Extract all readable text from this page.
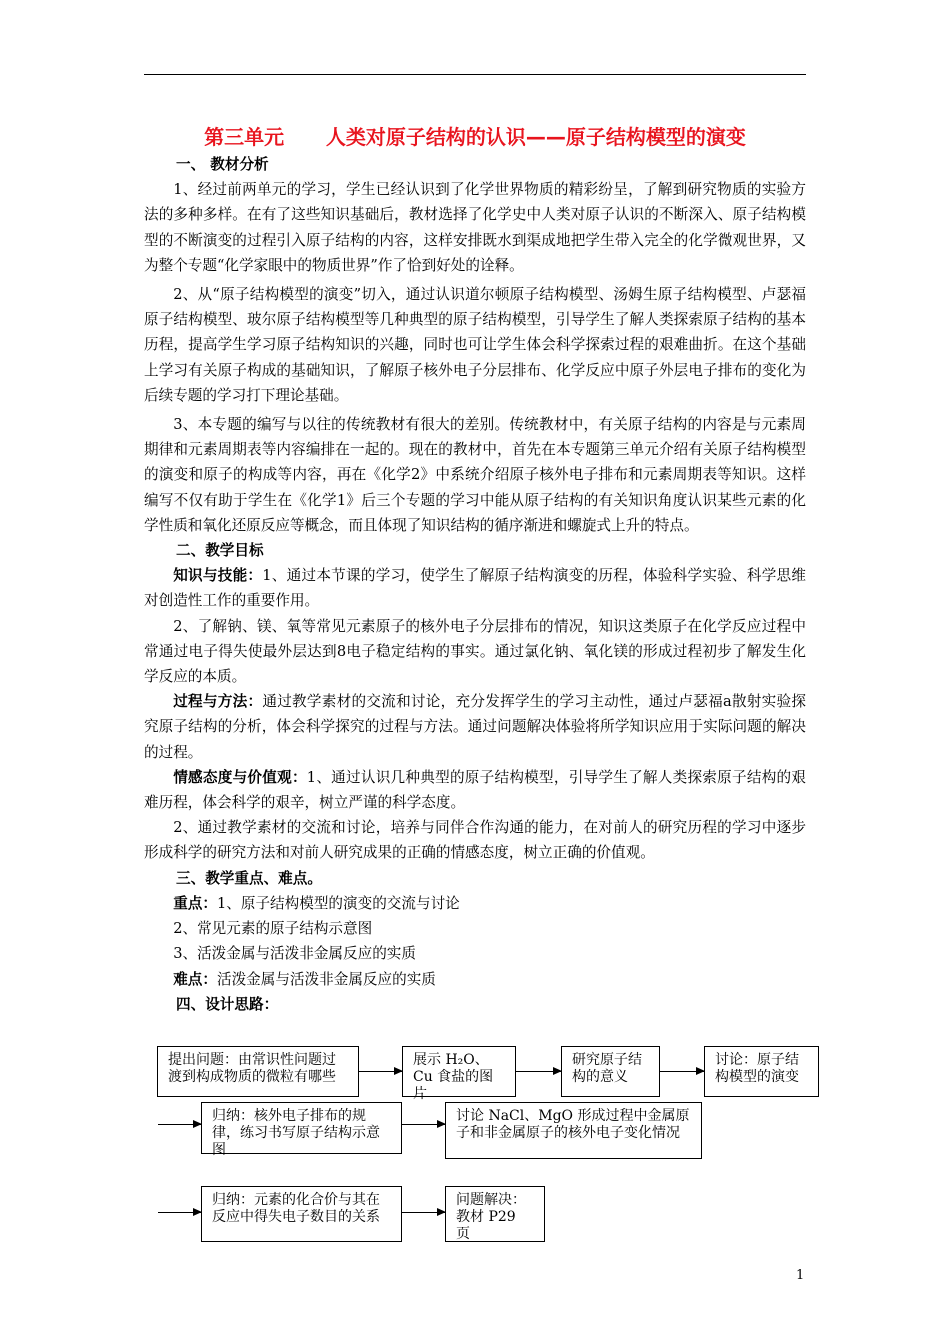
第三单元      人类对原子结构的认识——原子结构模型的演变

一、 教材分析

1、经过前两单元的学习，学生已经认识到了化学世界物质的精彩纷呈，了解到研究物质的实验方法的多种多样。在有了这些知识基础后，教材选择了化学史中人类对原子认识的不断深入、原子结构模型的不断演变的过程引入原子结构的内容，这样安排既水到渠成地把学生带入完全的化学微观世界，又为整个专题“化学家眼中的物质世界”作了恰到好处的诠释。

2、从“原子结构模型的演变”切入，通过认识道尔顿原子结构模型、汤姆生原子结构模型、卢瑟福原子结构模型、玻尔原子结构模型等几种典型的原子结构模型，引导学生了解人类探索原子结构的基本历程，提高学生学习原子结构知识的兴趣，同时也可让学生体会科学探索过程的艰难曲折。在这个基础上学习有关原子构成的基础知识，了解原子核外电子分层排布、化学反应中原子外层电子排布的变化为后续专题的学习打下理论基础。

3、本专题的编写与以往的传统教材有很大的差别。传统教材中，有关原子结构的内容是与元素周期律和元素周期表等内容编排在一起的。现在的教材中，首先在本专题第三单元介绍有关原子结构模型的演变和原子的构成等内容，再在《化学2》中系统介绍原子核外电子排布和元素周期表等知识。这样编写不仅有助于学生在《化学1》后三个专题的学习中能从原子结构的有关知识角度认识某些元素的化学性质和氧化还原反应等概念，而且体现了知识结构的循序渐进和螺旋式上升的特点。

二、教学目标

知识与技能：1、通过本节课的学习，使学生了解原子结构演变的历程，体验科学实验、科学思维对创造性工作的重要作用。

2、了解钠、镁、氧等常见元素原子的核外电子分层排布的情况，知识这类原子在化学反应过程中常通过电子得失使最外层达到8电子稳定结构的事实。通过氯化钠、氧化镁的形成过程初步了解发生化学反应的本质。

过程与方法：通过教学素材的交流和讨论，充分发挥学生的学习主动性，通过卢瑟福a散射实验探究原子结构的分析，体会科学探究的过程与方法。通过问题解决体验将所学知识应用于实际问题的解决的过程。

情感态度与价值观：1、通过认识几种典型的原子结构模型，引导学生了解人类探索原子结构的艰难历程，体会科学的艰辛，树立严谨的科学态度。

2、通过教学素材的交流和讨论，培养与同伴合作沟通的能力，在对前人的研究历程的学习中逐步形成科学的研究方法和对前人研究成果的正确的情感态度，树立正确的价值观。

三、教学重点、难点。

重点：1、原子结构模型的演变的交流与讨论

2、常见元素的原子结构示意图

3、活泼金属与活泼非金属反应的实质

难点：活泼金属与活泼非金属反应的实质

四、设计思路：

提出问题：由常识性问题过渡到构成物质的微粒有哪些
展示 H₂O、Cu 食盐的图片
研究原子结构的意义
讨论：原子结构模型的演变
归纳：核外电子排布的规律，练习书写原子结构示意图
讨论 NaCl、MgO 形成过程中金属原子和非金属原子的核外电子变化情况
归纳：元素的化合价与其在反应中得失电子数目的关系
问题解决：教材 P29 页
1
